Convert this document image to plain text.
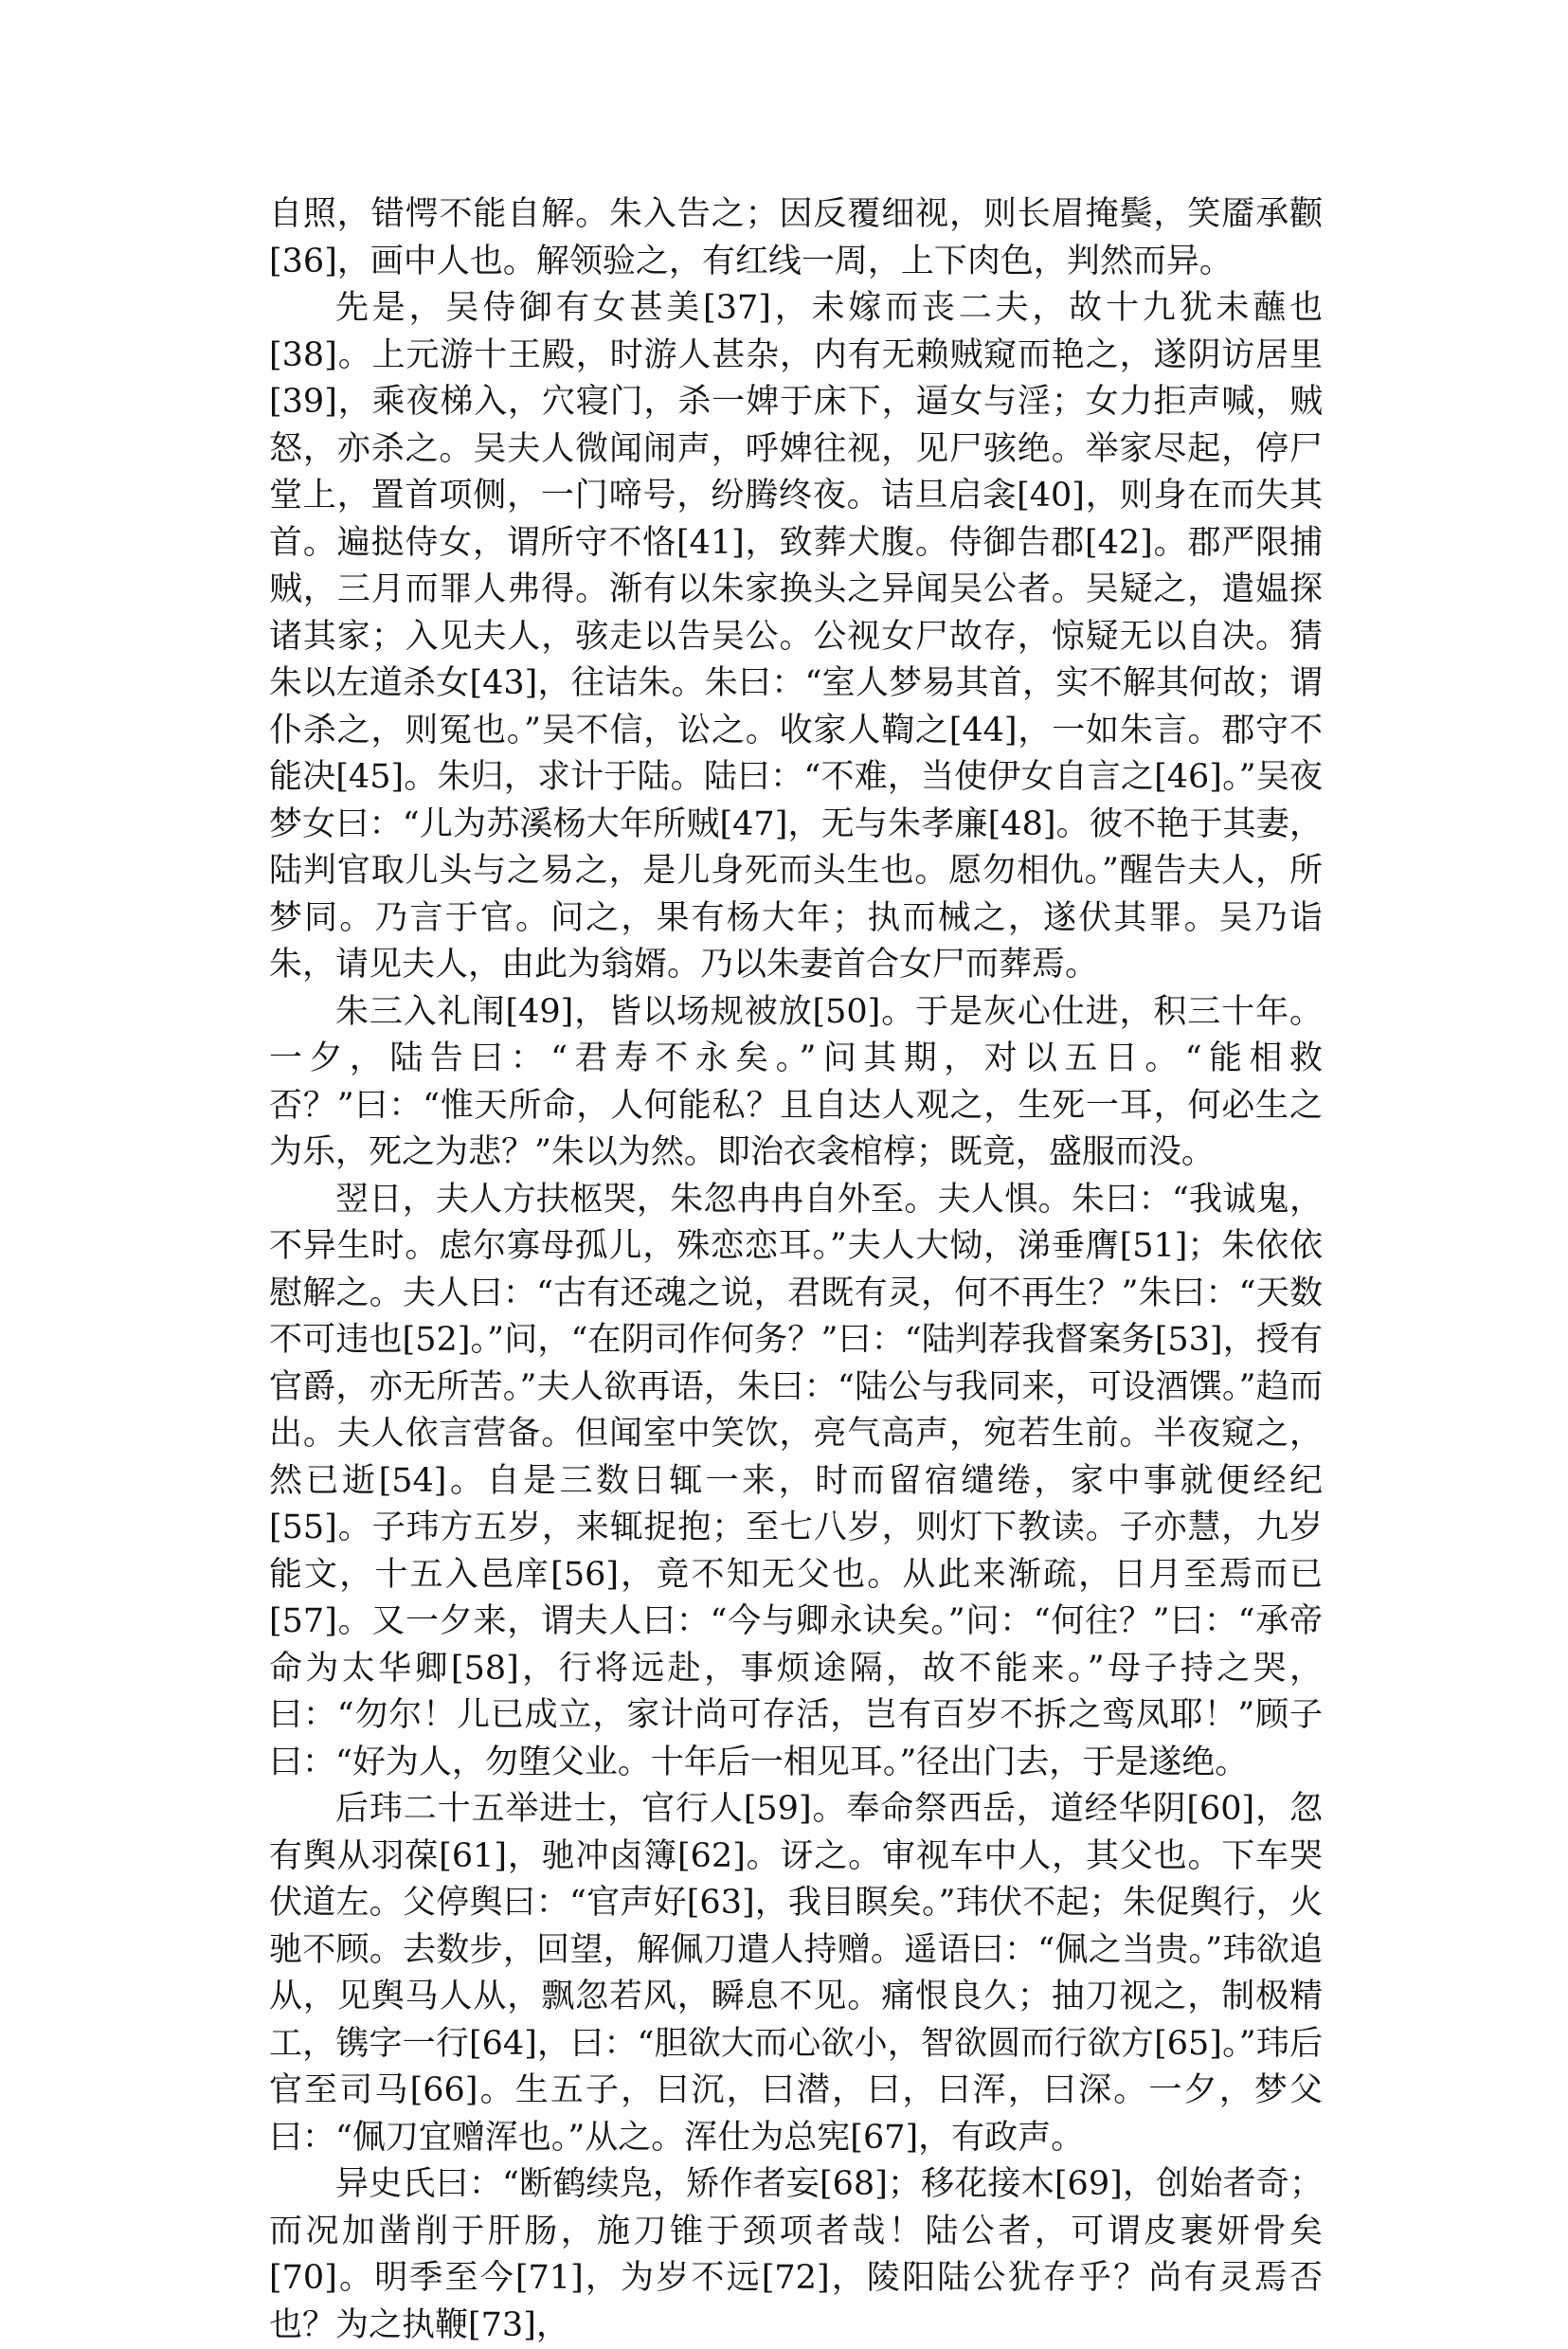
自照，错愕不能自解。朱入告之；因反覆细视，则长眉掩鬓，笑靥承颧[36]，画中人也。解领验之，有红线一周，上下肉色，判然而异。

先是，吴侍御有女甚美[37]，未嫁而丧二夫，故十九犹未蘸也[38]。上元游十王殿，时游人甚杂，内有无赖贼窥而艳之，遂阴访居里[39]，乘夜梯入，穴寝门，杀一婢于床下，逼女与淫；女力拒声喊，贼怒，亦杀之。吴夫人微闻闹声，呼婢往视，见尸骇绝。举家尽起，停尸堂上，置首项侧，一门啼号，纷腾终夜。诘旦启衾[40]，则身在而失其首。遍挞侍女，谓所守不恪[41]，致葬犬腹。侍御告郡[42]。郡严限捕贼，三月而罪人弗得。渐有以朱家换头之异闻吴公者。吴疑之，遣媪探诸其家；入见夫人，骇走以告吴公。公视女尸故存，惊疑无以自决。猜朱以左道杀女[43]，往诘朱。朱曰：“室人梦易其首，实不解其何故；谓仆杀之，则冤也。”吴不信，讼之。收家人鞫之[44]，一如朱言。郡守不能决[45]。朱归，求计于陆。陆曰：“不难，当使伊女自言之[46]。”吴夜梦女曰：“儿为苏溪杨大年所贼[47]，无与朱孝廉[48]。彼不艳于其妻，陆判官取儿头与之易之，是儿身死而头生也。愿勿相仇。”醒告夫人，所梦同。乃言于官。问之，果有杨大年；执而械之，遂伏其罪。吴乃诣朱，请见夫人，由此为翁婿。乃以朱妻首合女尸而葬焉。

朱三入礼闱[49]，皆以场规被放[50]。于是灰心仕进，积三十年。一夕，陆告曰：“君寿不永矣。”问其期，对以五日。“能相救否？”曰：“惟天所命，人何能私？且自达人观之，生死一耳，何必生之为乐，死之为悲？”朱以为然。即治衣衾棺椁；既竟，盛服而没。

翌日，夫人方扶柩哭，朱忽冉冉自外至。夫人惧。朱曰：“我诚鬼，不异生时。虑尔寡母孤儿，殊恋恋耳。”夫人大恸，涕垂膺[51]；朱依依慰解之。夫人曰：“古有还魂之说，君既有灵，何不再生？”朱曰：“天数不可违也[52]。”问，“在阴司作何务？”曰：“陆判荐我督案务[53]，授有官爵，亦无所苦。”夫人欲再语，朱曰：“陆公与我同来，可设酒馔。”趋而出。夫人依言营备。但闻室中笑饮，亮气高声，宛若生前。半夜窥之，然已逝[54]。自是三数日辄一来，时而留宿缱绻，家中事就便经纪[55]。子玮方五岁，来辄捉抱；至七八岁，则灯下教读。子亦慧，九岁能文，十五入邑庠[56]，竟不知无父也。从此来渐疏，日月至焉而已[57]。又一夕来，谓夫人曰：“今与卿永诀矣。”问：“何往？”曰：“承帝命为太华卿[58]，行将远赴，事烦途隔，故不能来。”母子持之哭，曰：“勿尔！儿已成立，家计尚可存活，岂有百岁不拆之鸾凤耶！”顾子曰：“好为人，勿堕父业。十年后一相见耳。”径出门去，于是遂绝。

后玮二十五举进士，官行人[59]。奉命祭西岳，道经华阴[60]，忽有舆从羽葆[61]，驰冲卤簿[62]。讶之。审视车中人，其父也。下车哭伏道左。父停舆曰：“官声好[63]，我目瞑矣。”玮伏不起；朱促舆行，火驰不顾。去数步，回望，解佩刀遣人持赠。遥语曰：“佩之当贵。”玮欲追从，见舆马人从，飘忽若风，瞬息不见。痛恨良久；抽刀视之，制极精工，镌字一行[64]，曰：“胆欲大而心欲小，智欲圆而行欲方[65]。”玮后官至司马[66]。生五子，曰沉，曰潜，曰，曰浑，曰深。一夕，梦父曰：“佩刀宜赠浑也。”从之。浑仕为总宪[67]，有政声。

异史氏曰：“断鹤续凫，矫作者妄[68]；移花接木[69]，创始者奇；而况加凿削于肝肠，施刀锥于颈项者哉！陆公者，可谓皮裹妍骨矣[70]。明季至今[71]，为岁不远[72]，陵阳陆公犹存乎？尚有灵焉否也？为之执鞭[73]，
